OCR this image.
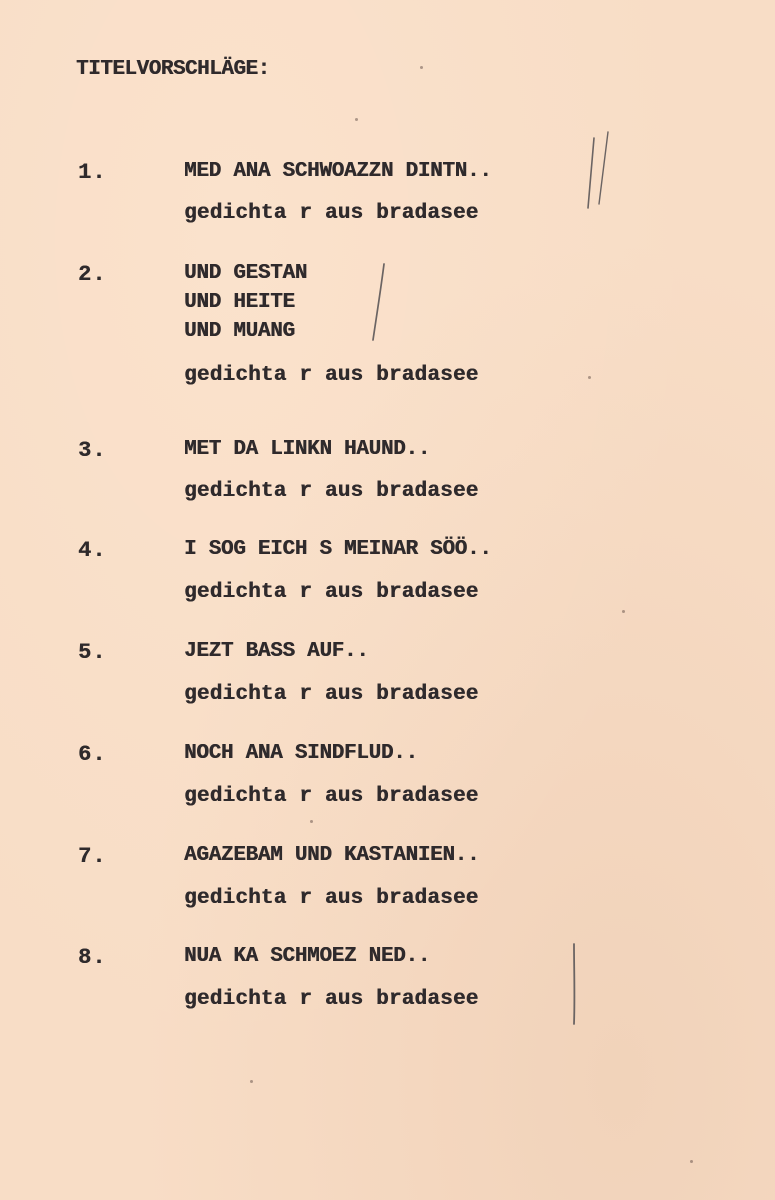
TITELVORSCHLÄGE:
1.	MED ANA SCHWOAZZN DINTN..
gedichta r aus bradasee
2.	UND GESTAN
UND HEITE
UND MUANG
gedichta r aus bradasee
3.	MET DA LINKN HAUND..
gedichta r aus bradasee
4.	I SOG EICH S MEINAR SÖÖ..
gedichta r aus bradasee
5.	JEZT BASS AUF..
gedichta r aus bradasee
6.	NOCH ANA SINDFLUD..
gedichta r aus bradasee
7.	AGAZEBAM UND KASTANIEN..
gedichta r aus bradasee
8.	NUA KA SCHMOEZ NED..
gedichta r aus bradasee
